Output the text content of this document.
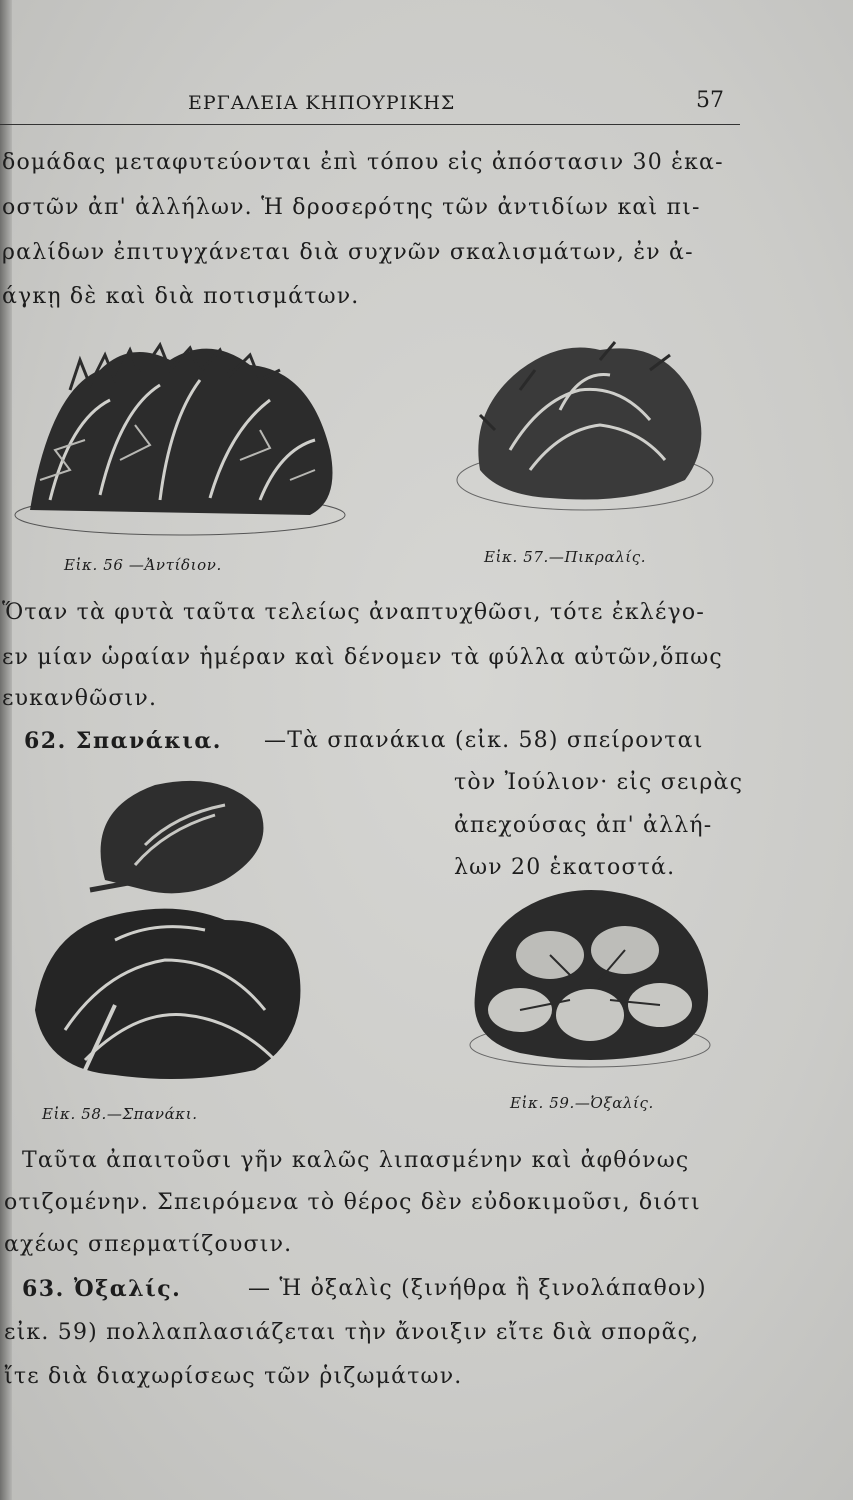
ΕΡΓΑΛΕΙΑ ΚΗΠΟΥΡΙΚΗΣ	57
δομάδας μεταφυτεύονται ἐπὶ τόπου εἰς ἀπόστασιν 30 ἑκα-
οστῶν ἀπ' ἀλλήλων. Ἡ δροσερότης τῶν ἀντιδίων καὶ πι-
ραλίδων ἐπιτυγχάνεται διὰ συχνῶν σκαλισμάτων, ἐν ἀ-
άγκῃ δὲ καὶ διὰ ποτισμάτων.
Εἰκ. 56 —Ἀντίδιον.	Εἰκ. 57.—Πικραλίς.
Ὅταν τὰ φυτὰ ταῦτα τελείως ἀναπτυχθῶσι, τότε ἐκλέγο-
εν μίαν ὡραίαν ἡμέραν καὶ δένομεν τὰ φύλλα αὐτῶν,ὅπως
ευκανθῶσιν.
62. Σπανάκια. —Τὰ σπανάκια (εἰκ. 58) σπείρονται
τὸν Ἰούλιον· εἰς σειρὰς
ἀπεχούσας ἀπ' ἀλλή-
λων 20 ἑκατοστά.
Εἰκ. 58.—Σπανάκι.
Εἰκ. 59.—Ὀξαλίς.
Ταῦτα ἀπαιτοῦσι γῆν καλῶς λιπασμένην καὶ ἀφθόνως
οτιζομένην. Σπειρόμενα τὸ θέρος δὲν εὐδοκιμοῦσι, διότι
αχέως σπερματίζουσιν.
63. Ὀξαλίς.	— Ἡ ὀξαλὶς (ξινήθρα ἢ ξινολάπαθον)
εἰκ. 59) πολλαπλασιάζεται τὴν ἄνοιξιν εἴτε διὰ σπορᾶς,
ἴτε διὰ διαχωρίσεως τῶν ῥιζωμάτων.
